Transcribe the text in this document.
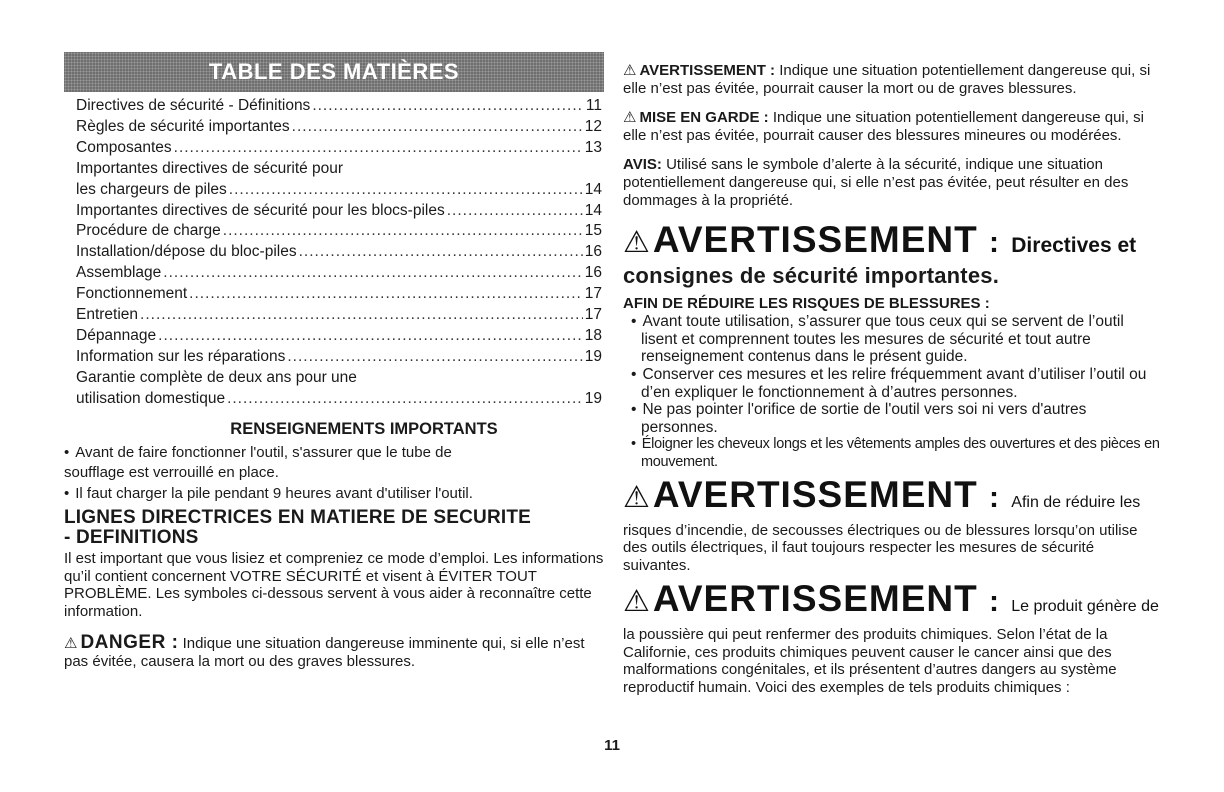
TABLE DES MATIÈRES
Directives de sécurité - Définitions .....	11
Règles de sécurité importantes .....	12
Composantes .....	13
Importantes directives de sécurité pour
les chargeurs de piles .....	14
Importantes directives de sécurité pour les blocs-piles .....	14
Procédure de charge .....	15
Installation/dépose du bloc-piles .....	16
Assemblage .....	16
Fonctionnement .....	17
Entretien .....	17
Dépannage .....	18
Information sur les réparations .....	19
Garantie complète de deux ans pour une
utilisation domestique .....	19
RENSEIGNEMENTS IMPORTANTS

• Avant de faire fonctionner l'outil, s'assurer que le tube de

soufflage est verrouillé en place.

• Il faut charger la pile pendant 9 heures avant d'utiliser l'outil.

LIGNES DIRECTRICES EN MATIERE DE SECURITE
- DEFINITIONS

Il est important que vous lisiez et compreniez ce mode d’emploi. Les informations qu’il contient concernent VOTRE SÉCURITÉ et visent à ÉVITER TOUT PROBLÈME. Les symboles ci-dessous servent à vous aider à reconnaître cette information.

⚠ DANGER : Indique une situation dangereuse imminente qui, si elle n’est pas évitée, causera la mort ou des graves blessures.

⚠ AVERTISSEMENT : Indique une situation potentiellement dangereuse qui, si elle n’est pas évitée, pourrait causer la mort ou de graves blessures.

⚠ MISE EN GARDE : Indique une situation potentiellement dangereuse qui, si elle n’est pas évitée, pourrait causer des blessures mineures ou modérées.

AVIS: Utilisé sans le symbole d’alerte à la sécurité, indique une situation potentiellement dangereuse qui, si elle n’est pas évitée, peut résulter en des dommages à la propriété.

⚠AVERTISSEMENT : Directives et
consignes de sécurité importantes.
AFIN DE RÉDUIRE LES RISQUES DE BLESSURES :
• Avant toute utilisation, s’assurer que tous ceux qui se servent de l’outil lisent et comprennent toutes les mesures de sécurité et tout autre renseignement contenus dans le présent guide.
• Conserver ces mesures et les relire fréquemment avant d’utiliser l’outil ou d’en expliquer le fonctionnement à d’autres personnes.
• Ne pas pointer l'orifice de sortie de l'outil vers soi ni vers d'autres personnes.
• Éloigner les cheveux longs et les vêtements amples des ouvertures et des pièces en mouvement.
⚠AVERTISSEMENT : Afin de réduire les

risques d’incendie, de secousses électriques ou de blessures lorsqu’on utilise des outils électriques, il faut toujours respecter les mesures de sécurité suivantes.

⚠AVERTISSEMENT : Le produit génère de

la poussière qui peut renfermer des produits chimiques. Selon l’état de la Californie, ces produits chimiques peuvent causer le cancer ainsi que des malformations congénitales, et ils présentent d’autres dangers au système reproductif humain. Voici des exemples de tels produits chimiques :

11
